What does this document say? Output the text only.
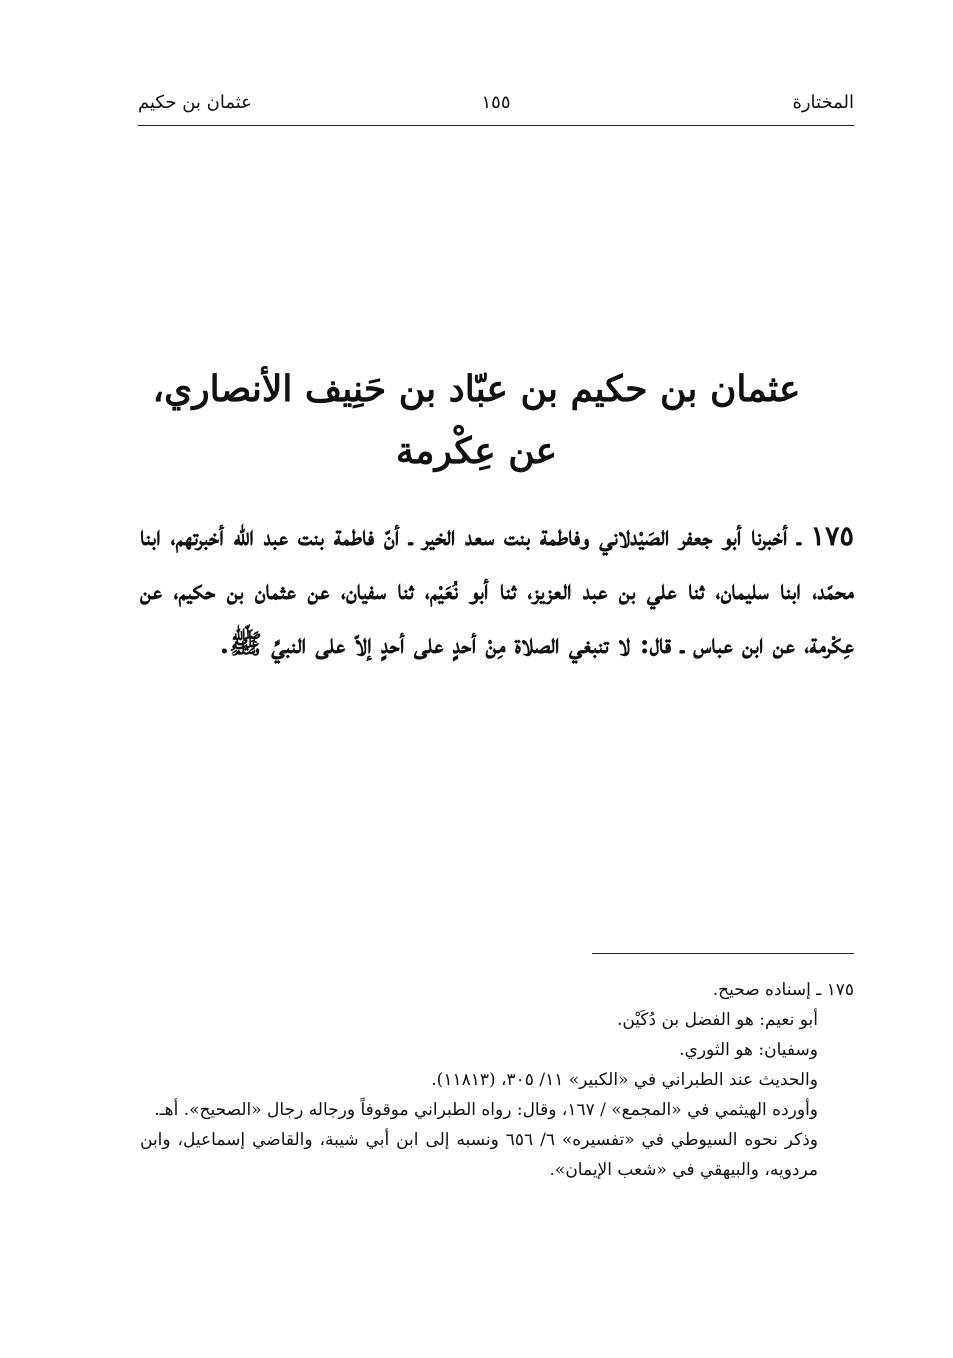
المختارة
١٥٥
عثمان بن حكيم
عثمان بن حكيم بن عبّاد بن حَنِيف الأنصاري،
عن عِكْرمة
١٧٥ ـ أخبرنا أبو جعفر الصَيْدلاني وفاطمة بنت سعد الخير ـ أنّ فاطمة بنت عبد الله أخبرتهم، ابنا محمّد، ابنا سليمان، ثنا علي بن عبد العزيز، ثنا أبو نُعَيْم، ثنا سفيان، عن عثمان بن حكيم، عن عِكْرمة، عن ابن عباس ـ قال: لا تنبغي الصلاة مِنْ أحدٍ على أحدٍ إلاّ على النبيِّ ﷺ.
١٧٥ ـ إسناده صحيح.
أبو نعيم: هو الفضل بن دُكَيْن.
وسفيان: هو الثوري.
والحديث عند الطبراني في «الكبير» ١١/ ٣٠٥، (١١٨١٣).
وأورده الهيثمي في «المجمع» / ١٦٧، وقال: رواه الطبراني موقوفاً ورجاله رجال «الصحيح». أهـ.
وذكر نحوه السيوطي في «تفسيره» ٦/ ٦٥٦ ونسبه إلى ابن أبي شيبة، والقاضي إسماعيل، وابن مردويه، والبيهقي في «شعب الإيمان».
